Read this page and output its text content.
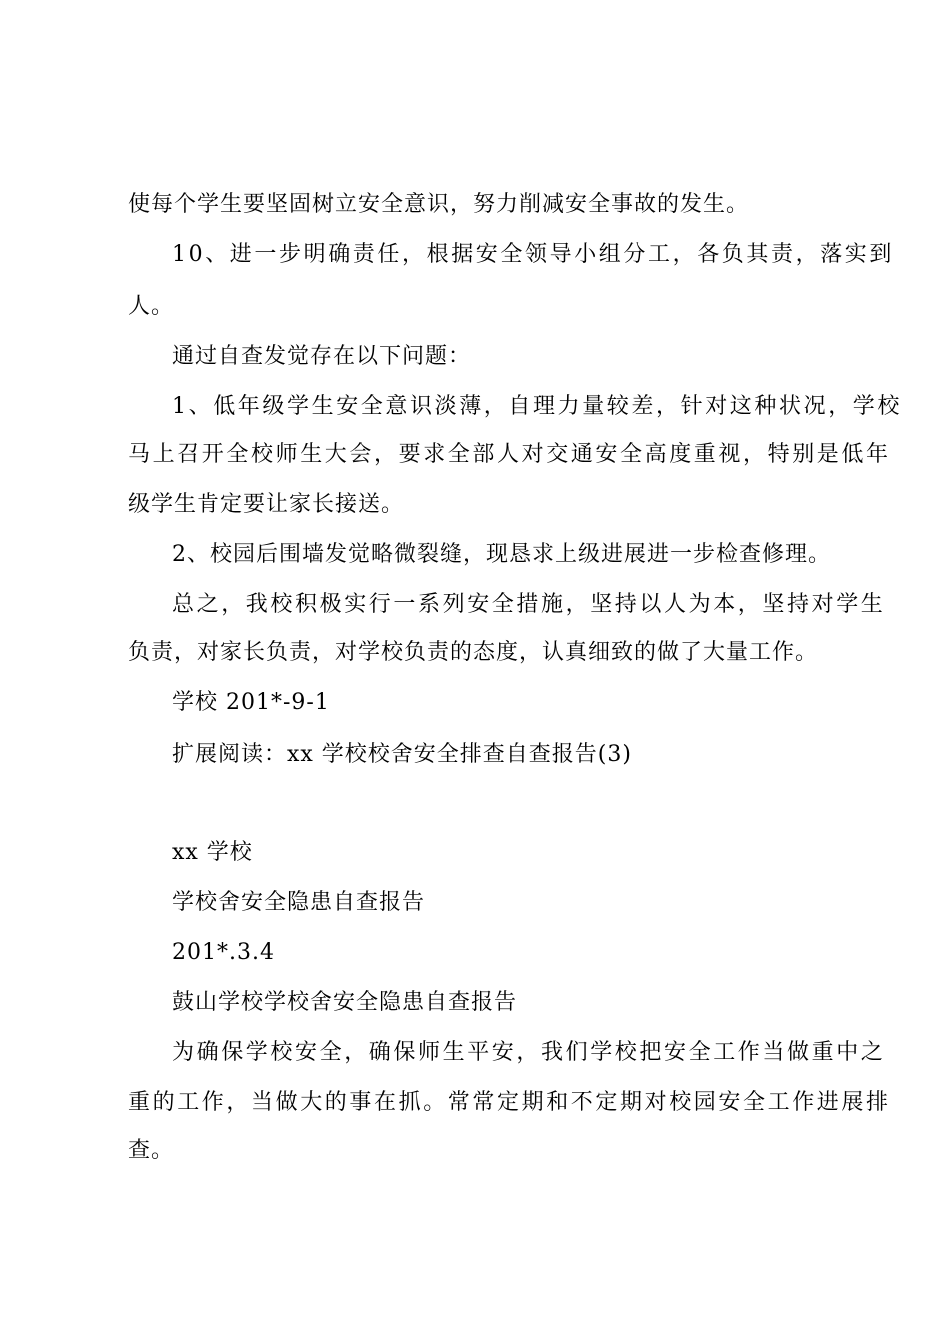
使每个学生要坚固树立安全意识，努力削减安全事故的发生。
10、进一步明确责任，根据安全领导小组分工，各负其责，落实到
人。
通过自查发觉存在以下问题：
1、低年级学生安全意识淡薄，自理力量较差，针对这种状况，学校
马上召开全校师生大会，要求全部人对交通安全高度重视，特别是低年
级学生肯定要让家长接送。
2、校园后围墙发觉略微裂缝，现恳求上级进展进一步检查修理。
总之，我校积极实行一系列安全措施，坚持以人为本，坚持对学生
负责，对家长负责，对学校负责的态度，认真细致的做了大量工作。
学校 201*-9-1
扩展阅读：xx 学校校舍安全排查自查报告(3)
xx 学校
学校舍安全隐患自查报告
201*.3.4
鼓山学校学校舍安全隐患自查报告
为确保学校安全，确保师生平安，我们学校把安全工作当做重中之
重的工作，当做大的事在抓。常常定期和不定期对校园安全工作进展排
查。
